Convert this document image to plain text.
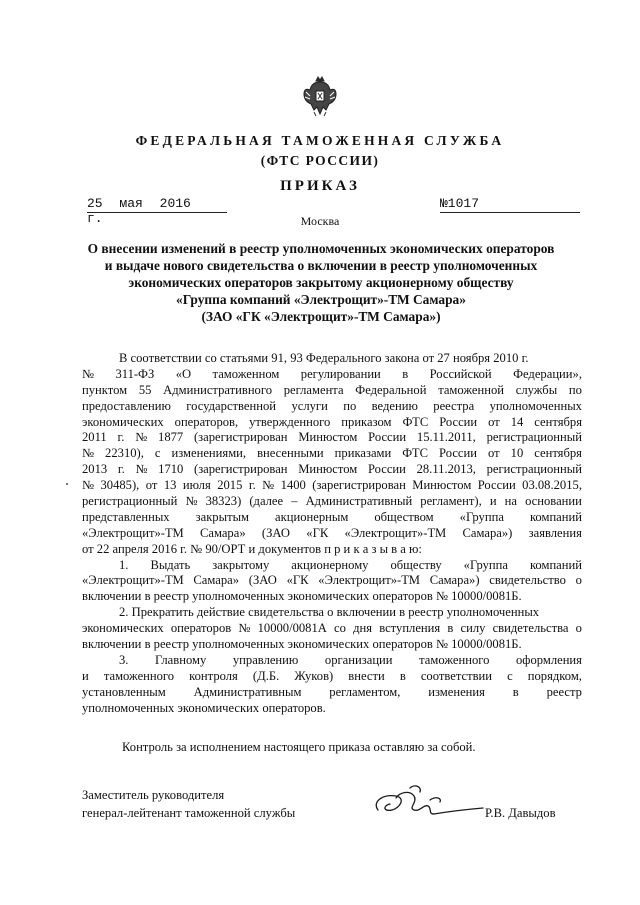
ФЕДЕРАЛЬНАЯ ТАМОЖЕННАЯ СЛУЖБА
(ФТС РОССИИ)
ПРИКАЗ
25 мая 2016 г.
№1017
Москва
О внесении изменений в реестр уполномоченных экономических операторов
и выдаче нового свидетельства о включении в реестр уполномоченных
экономических операторов закрытому акционерному обществу
«Группа компаний «Электрощит»-ТМ Самара»
(ЗАО «ГК «Электрощит»-ТМ Самара»)
В соответствии со статьями 91, 93 Федерального закона от 27 ноября 2010 г.
№ 311-ФЗ «О таможенном регулировании в Российской Федерации»,
пунктом 55 Административного регламента Федеральной таможенной службы по
предоставлению государственной услуги по ведению реестра уполномоченных
экономических операторов, утвержденного приказом ФТС России от 14 сентября
2011 г. № 1877 (зарегистрирован Минюстом России 15.11.2011, регистрационный
№ 22310), с изменениями, внесенными приказами ФТС России от 10 сентября
2013 г. № 1710 (зарегистрирован Минюстом России 28.11.2013, регистрационный
№ 30485), от 13 июля 2015 г. № 1400 (зарегистрирован Минюстом России 03.08.2015,
регистрационный № 38323) (далее – Административный регламент), и на основании
представленных закрытым акционерным обществом «Группа компаний
«Электрощит»-ТМ Самара» (ЗАО «ГК «Электрощит»-ТМ Самара») заявления
от 22 апреля 2016 г. № 90/ОРТ и документов п р и к а з ы в а ю:
1. Выдать закрытому акционерному обществу «Группа компаний
«Электрощит»-ТМ Самара» (ЗАО «ГК «Электрощит»-ТМ Самара») свидетельство о
включении в реестр уполномоченных экономических операторов № 10000/0081Б.
2. Прекратить действие свидетельства о включении в реестр уполномоченных
экономических операторов № 10000/0081А со дня вступления в силу свидетельства о
включении в реестр уполномоченных экономических операторов № 10000/0081Б.
3. Главному управлению организации таможенного оформления
и таможенного контроля (Д.Б. Жуков) внести в соответствии с порядком,
установленным Административным регламентом, изменения в реестр
уполномоченных экономических операторов.
Контроль за исполнением настоящего приказа оставляю за собой.
Заместитель руководителя
генерал-лейтенант таможенной службы	Р.В. Давыдов
